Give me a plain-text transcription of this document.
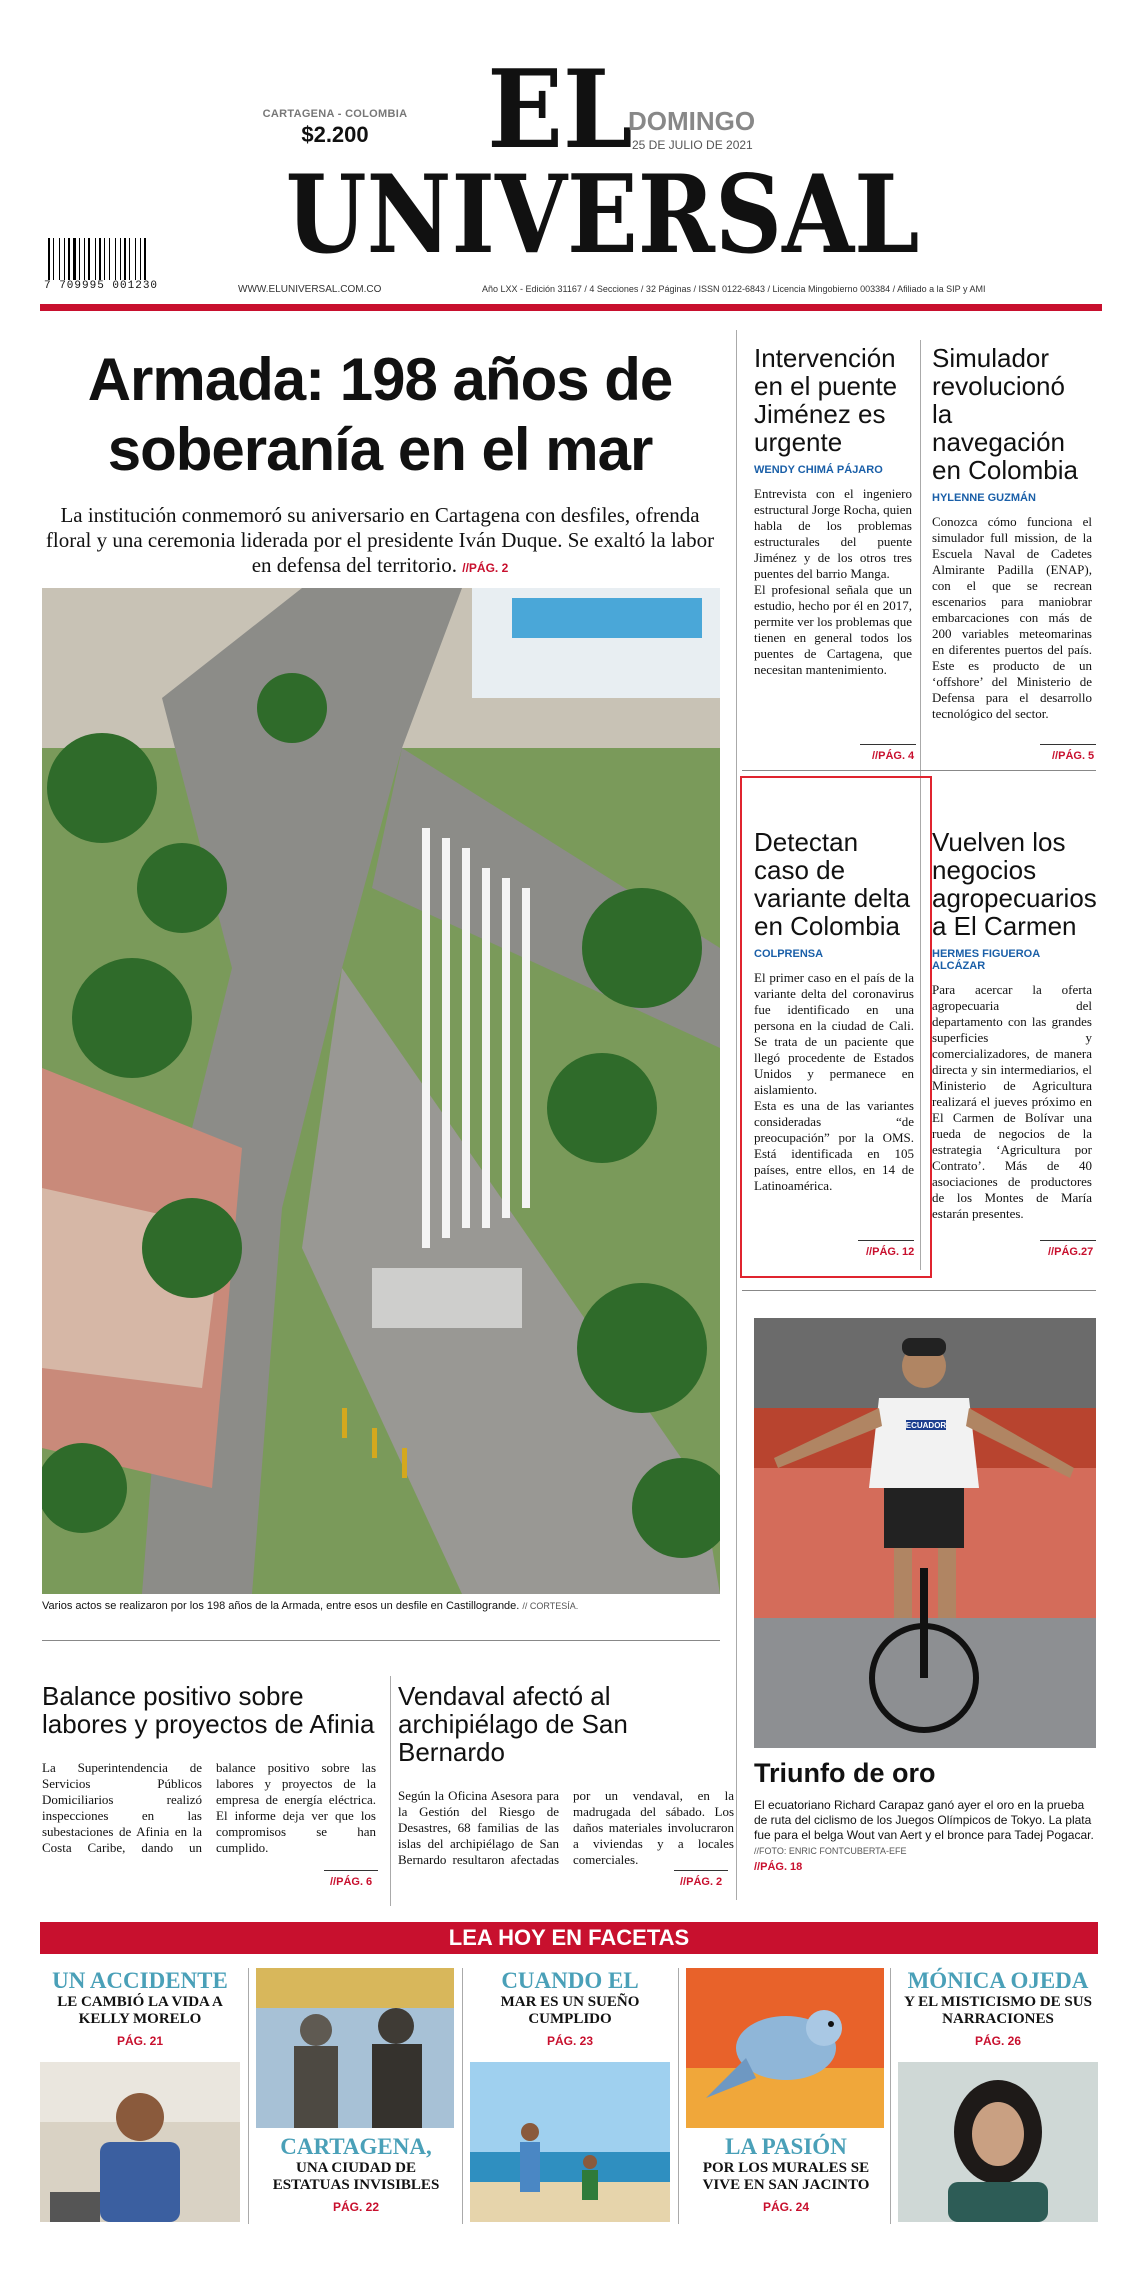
CARTAGENA - COLOMBIA
$2.200	EL
UNIVERSAL
DOMINGO
25 DE JULIO DE 2021
7 709995 001230	WWW.ELUNIVERSAL.COM.CO	Año LXX - Edición 31167 / 4 Secciones / 32 Páginas / ISSN 0122-6843 / Licencia Mingobierno 003384 / Afiliado a la SIP y AMI
Armada: 198 años de soberanía en el mar
La institución conmemoró su aniversario en Cartagena con desfiles, ofrenda floral y una ceremonia liderada por el presidente Iván Duque. Se exaltó la labor en defensa del territorio. //PÁG. 2
Varios actos se realizaron por los 198 años de la Armada, entre esos un desfile en Castillogrande. // CORTESÍA.
Intervención en el puente Jiménez es urgente
WENDY CHIMÁ PÁJARO

Entrevista con el ingeniero estructural Jorge Rocha, quien habla de los problemas estructurales del puente Jiménez y de los otros tres puentes del barrio Manga.

El profesional señala que un estudio, hecho por él en 2017, permite ver los problemas que tienen en general todos los puentes de Cartagena, que necesitan mantenimiento.

//PÁG. 4
Simulador revolucionó la navegación en Colombia
HYLENNE GUZMÁN

Conozca cómo funciona el simulador full mission, de la Escuela Naval de Cadetes Almirante Padilla (ENAP), con el que se recrean escenarios para maniobrar embarcaciones con más de 200 variables meteomarinas en diferentes puertos del país. Este es producto de un ‘offshore’ del Ministerio de Defensa para el desarrollo tecnológico del sector.

//PÁG. 5
Detectan caso de variante delta en Colombia
COLPRENSA

El primer caso en el país de la variante delta del coronavirus fue identificado en una persona en la ciudad de Cali. Se trata de un paciente que llegó procedente de Estados Unidos y permanece en aislamiento.

Esta es una de las variantes consideradas “de preocupación” por la OMS. Está identificada en 105 países, entre ellos, en 14 de Latinoamérica.

//PÁG. 12
Vuelven los negocios agropecuarios a El Carmen
HERMES FIGUEROA ALCÁZAR

Para acercar la oferta agropecuaria del departamento con las grandes superficies y comercializadores, de manera directa y sin intermediarios, el Ministerio de Agricultura realizará el jueves próximo en El Carmen de Bolívar una rueda de negocios de la estrategia ‘Agricultura por Contrato’. Más de 40 asociaciones de productores de los Montes de María estarán presentes.

//PÁG.27
ECUADOR
Triunfo de oro
El ecuatoriano Richard Carapaz ganó ayer el oro en la prueba de ruta del ciclismo de los Juegos Olímpicos de Tokyo. La plata fue para el belga Wout van Aert y el bronce para Tadej Pogacar. //FOTO: ENRIC FONTCUBERTA-EFE
//PÁG. 18
Balance positivo sobre labores y proyectos de Afinia
La Superintendencia de Servicios Públicos Domiciliarios realizó inspecciones en las subestaciones de Afinia en la Costa Caribe, dando un balance positivo sobre las labores y proyectos de la empresa de energía eléctrica. El informe deja ver que los compromisos se han cumplido.
//PÁG. 6
Vendaval afectó al archipiélago de San Bernardo
Según la Oficina Asesora para la Gestión del Riesgo de Desastres, 68 familias de las islas del archipiélago de San Bernardo resultaron afectadas por un vendaval, en la madrugada del sábado. Los daños materiales involucraron a viviendas y a locales comerciales.
//PÁG. 2
LEA HOY EN FACETAS
UN ACCIDENTE
LE CAMBIÓ LA VIDA A KELLY MORELO
PÁG. 21
CARTAGENA,
UNA CIUDAD DE ESTATUAS INVISIBLES
PÁG. 22
CUANDO EL
MAR ES UN SUEÑO CUMPLIDO
PÁG. 23
LA PASIÓN
POR LOS MURALES SE VIVE EN SAN JACINTO
PÁG. 24
MÓNICA OJEDA
Y EL MISTICISMO DE SUS NARRACIONES
PÁG. 26
